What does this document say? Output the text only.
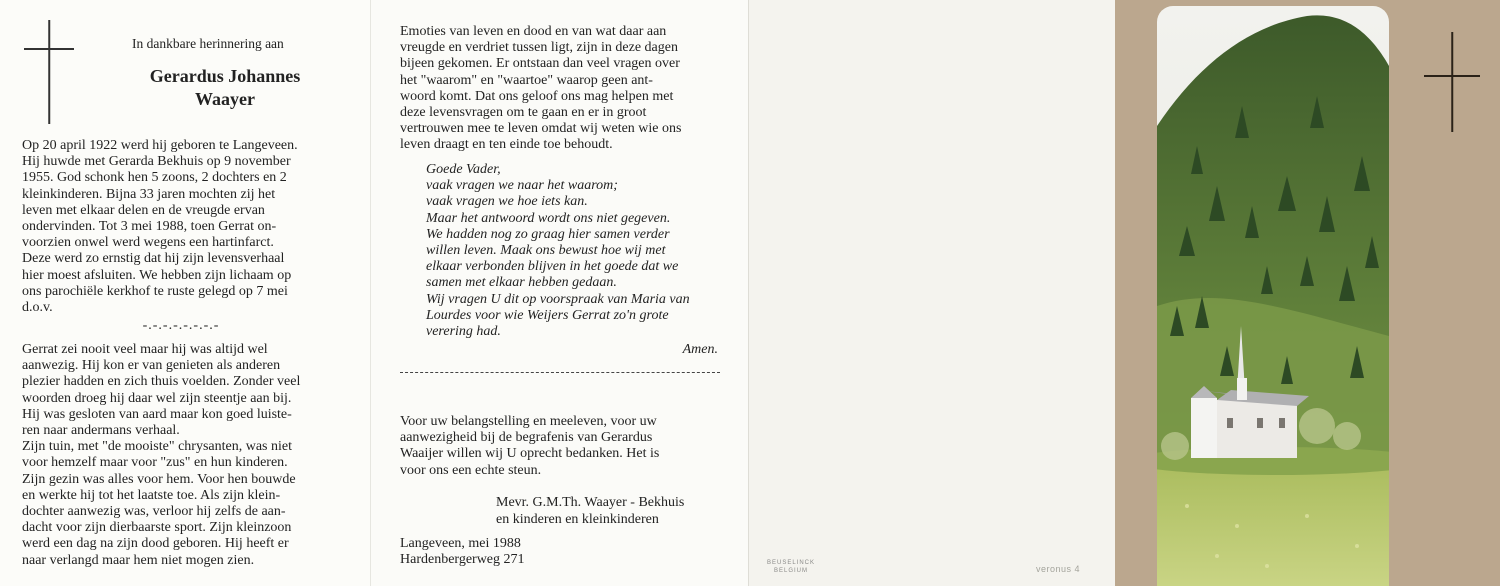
In dankbare herinnering aan
Gerardus Johannes
Waayer

Op 20 april 1922 werd hij geboren te Langeveen.

Hij huwde met Gerarda Bekhuis op 9 november

1955. God schonk hen 5 zoons, 2 dochters en 2

kleinkinderen. Bijna 33 jaren mochten zij het

leven met elkaar delen en de vreugde ervan

ondervinden. Tot 3 mei 1988, toen Gerrat on-

voorzien onwel werd wegens een hartinfarct.

Deze werd zo ernstig dat hij zijn levensverhaal

hier moest afsluiten. We hebben zijn lichaam op

ons parochiële kerkhof te ruste gelegd op 7 mei

d.o.v.

-.-.-.-.-.-.-.-

Gerrat zei nooit veel maar hij was altijd wel

aanwezig. Hij kon er van genieten als anderen

plezier hadden en zich thuis voelden. Zonder veel

woorden droeg hij daar wel zijn steentje aan bij.

Hij was gesloten van aard maar kon goed luiste-

ren naar andermans verhaal.

Zijn tuin, met "de mooiste" chrysanten, was niet

voor hemzelf maar voor "zus" en hun kinderen.

Zijn gezin was alles voor hem. Voor hen bouwde

en werkte hij tot het laatste toe. Als zijn klein-

dochter aanwezig was, verloor hij zelfs de aan-

dacht voor zijn dierbaarste sport. Zijn kleinzoon

werd een dag na zijn dood geboren. Hij heeft er

naar verlangd maar hem niet mogen zien.

Emoties van leven en dood en van wat daar aan

vreugde en verdriet tussen ligt, zijn in deze dagen

bijeen gekomen. Er ontstaan dan veel vragen over

het "waarom" en "waartoe" waarop geen ant-

woord komt. Dat ons geloof ons mag helpen met

deze levensvragen om te gaan en er in groot

vertrouwen mee te leven omdat wij weten wie ons

leven draagt en ten einde toe behoudt.

Goede Vader,

vaak vragen we naar het waarom;

vaak vragen we hoe iets kan.

Maar het antwoord wordt ons niet gegeven.

We hadden nog zo graag hier samen verder

willen leven. Maak ons bewust hoe wij met

elkaar verbonden blijven in het goede dat we

samen met elkaar hebben gedaan.

Wij vragen U dit op voorspraak van Maria van

Lourdes voor wie Weijers Gerrat zo'n grote

verering had.

Amen.

Voor uw belangstelling en meeleven, voor uw

aanwezigheid bij de begrafenis van Gerardus

Waaijer willen wij U oprecht bedanken. Het is

voor ons een echte steun.

Mevr. G.M.Th. Waayer - Bekhuis
en kinderen en kleinkinderen
Langeveen, mei 1988
Hardenbergerweg 271	BEUSELINCK
BELGIUM	veronus 4
